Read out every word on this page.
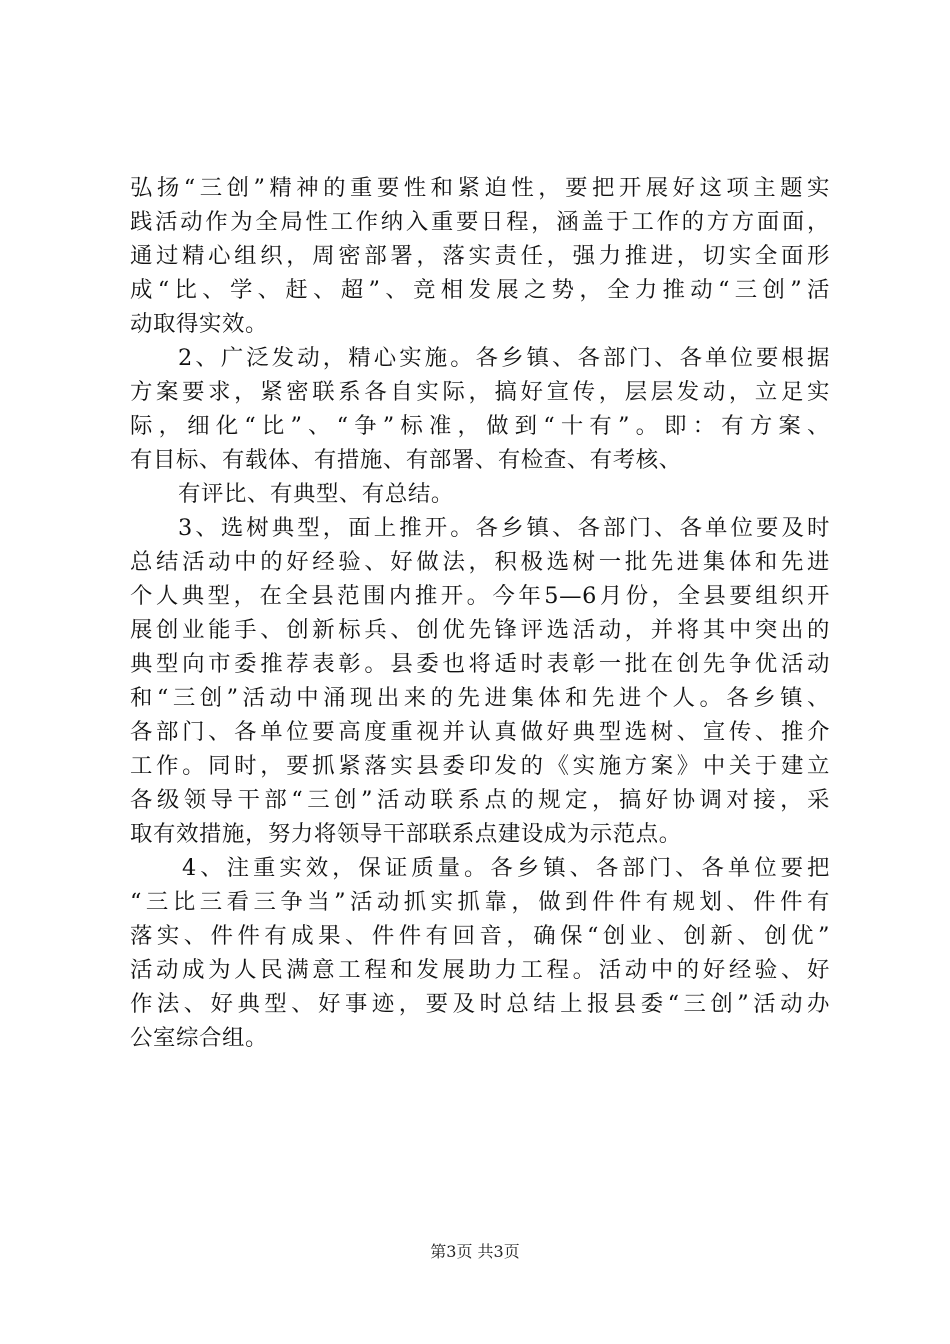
弘扬“三创”精神的重要性和紧迫性，要把开展好这项主题实
践活动作为全局性工作纳入重要日程，涵盖于工作的方方面面，
通过精心组织，周密部署，落实责任，强力推进，切实全面形
成“比、学、赶、超”、竞相发展之势，全力推动“三创”活
动取得实效。
2、广泛发动，精心实施。各乡镇、各部门、各单位要根据
方案要求，紧密联系各自实际，搞好宣传，层层发动，立足实
际，细化“比”、“争”标准，做到“十有”。即：有方案、
有目标、有载体、有措施、有部署、有检查、有考核、
有评比、有典型、有总结。
3、选树典型，面上推开。各乡镇、各部门、各单位要及时
总结活动中的好经验、好做法，积极选树一批先进集体和先进
个人典型，在全县范围内推开。今年5—6月份，全县要组织开
展创业能手、创新标兵、创优先锋评选活动，并将其中突出的
典型向市委推荐表彰。县委也将适时表彰一批在创先争优活动
和“三创”活动中涌现出来的先进集体和先进个人。各乡镇、
各部门、各单位要高度重视并认真做好典型选树、宣传、推介
工作。同时，要抓紧落实县委印发的《实施方案》中关于建立
各级领导干部“三创”活动联系点的规定，搞好协调对接，采
取有效措施，努力将领导干部联系点建设成为示范点。
4、注重实效，保证质量。各乡镇、各部门、各单位要把
“三比三看三争当”活动抓实抓靠，做到件件有规划、件件有
落实、件件有成果、件件有回音，确保“创业、创新、创优”
活动成为人民满意工程和发展助力工程。活动中的好经验、好
作法、好典型、好事迹，要及时总结上报县委“三创”活动办
公室综合组。
第3页 共3页
